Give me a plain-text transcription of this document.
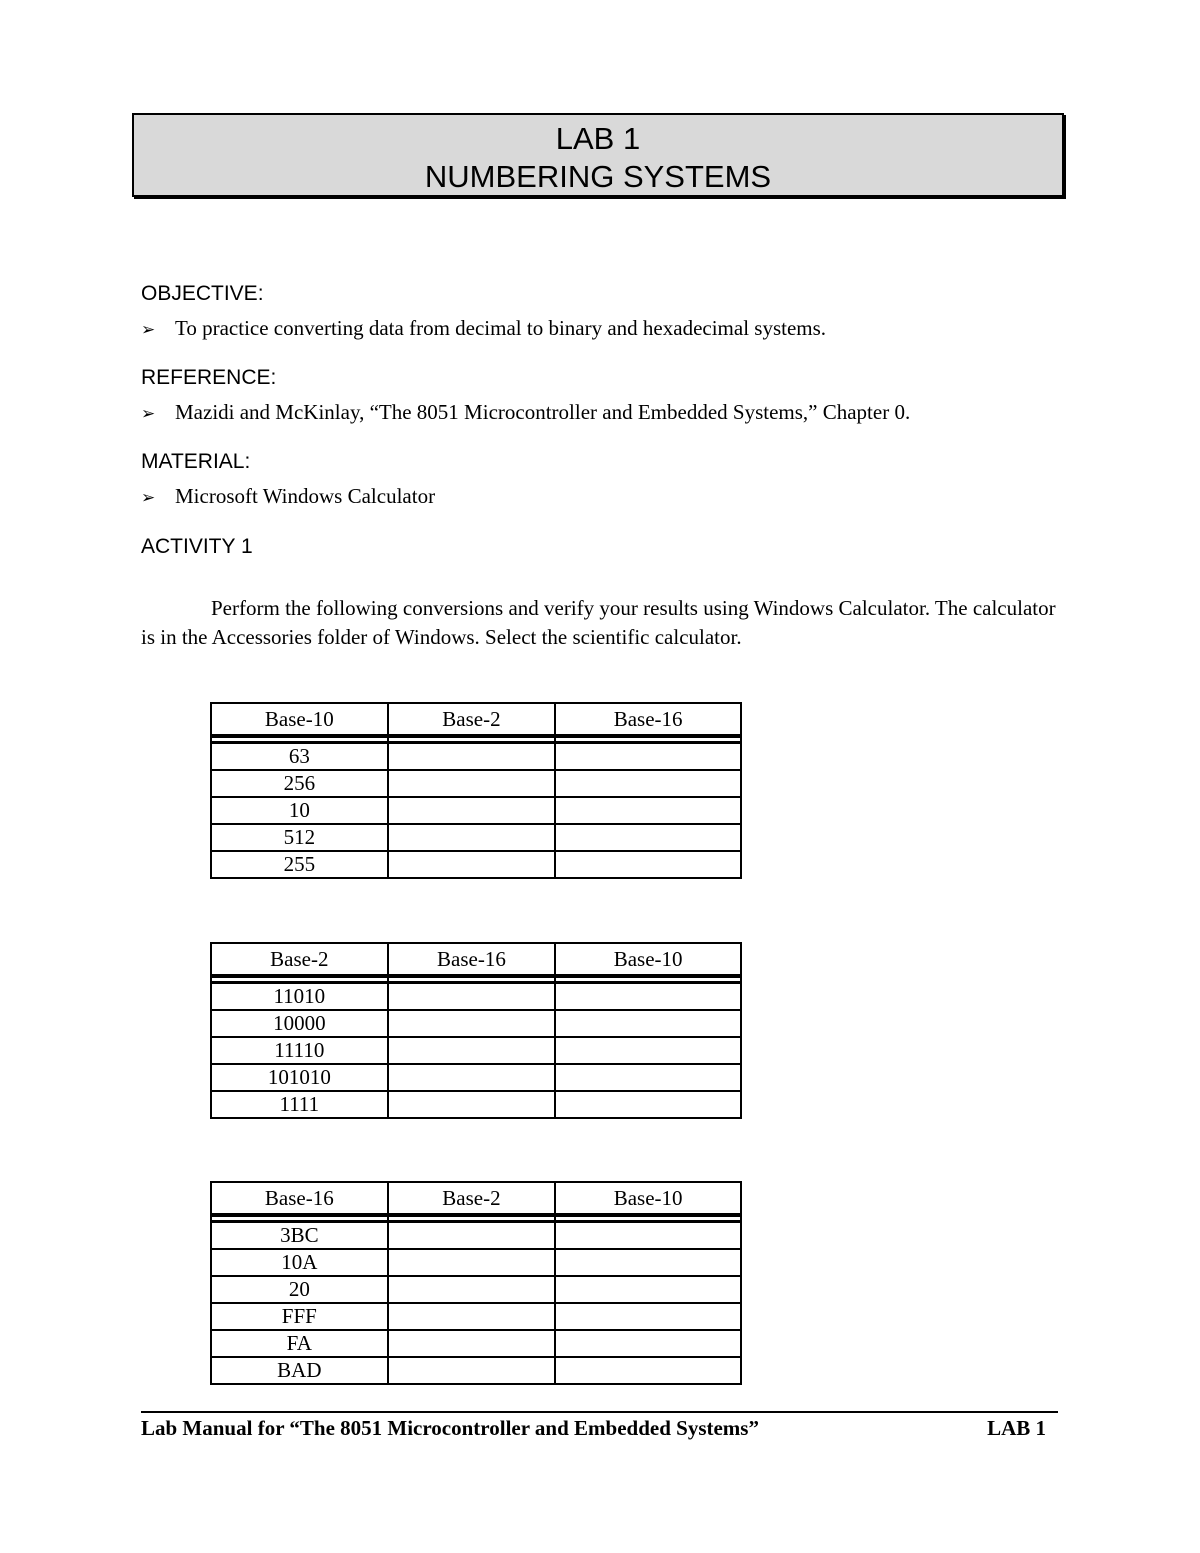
LAB 1
NUMBERING SYSTEMS
OBJECTIVE:
➢ To practice converting data from decimal to binary and hexadecimal systems.
REFERENCE:
➢ Mazidi and McKinlay, “The 8051 Microcontroller and Embedded Systems,” Chapter 0.
MATERIAL:
➢ Microsoft Windows Calculator
ACTIVITY 1
Perform the following conversions and verify your results using Windows Calculator. The calculator is in the Accessories folder of Windows. Select the scientific calculator.
Base-10	Base-2	Base-16

63		
256		
10		
512		
255		
Base-2	Base-16	Base-10

11010		
10000		
11110		
101010		
1111		
Base-16	Base-2	Base-10

3BC		
10A		
20		
FFF		
FA		
BAD		
Lab Manual for “The 8051 Microcontroller and Embedded Systems”	LAB 1
